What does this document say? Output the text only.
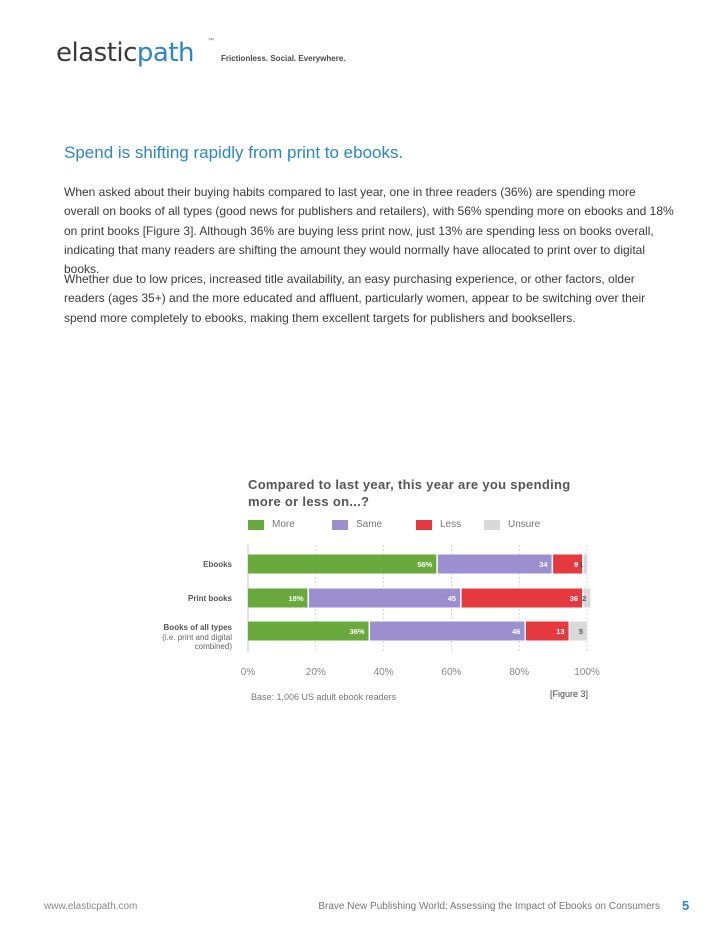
elasticpath ™
Frictionless. Social. Everywhere.
Spend is shifting rapidly from print to ebooks.

When asked about their buying habits compared to last year, one in three readers (36%) are spending more overall on books of all types (good news for publishers and retailers), with 56% spending more on ebooks and 18% on print books [Figure 3]. Although 36% are buying less print now, just 13% are spending less on books overall, indicating that many readers are shifting the amount they would normally have allocated to print over to digital books.

Whether due to low prices, increased title availability, an easy purchasing experience, or other factors, older readers (ages 35+) and the more educated and affluent, particularly women, appear to be switching over their spend more completely to ebooks, making them excellent targets for publishers and booksellers.

0%	20%	40%	60%	80%	100%
56%	34	9 1
Ebooks
18%	45	36 2
Print books
36%	46	13 5
Books of all types
(i.e. print and digital
combined)
Compared to last year, this year are you spending more or less on...?
More	Same	Less	Unsure
Base: 1,006 US adult ebook readers	[Figure 3]
www.elasticpath.com	Brave New Publishing World: Assessing the Impact of Ebooks on Consumers 5
